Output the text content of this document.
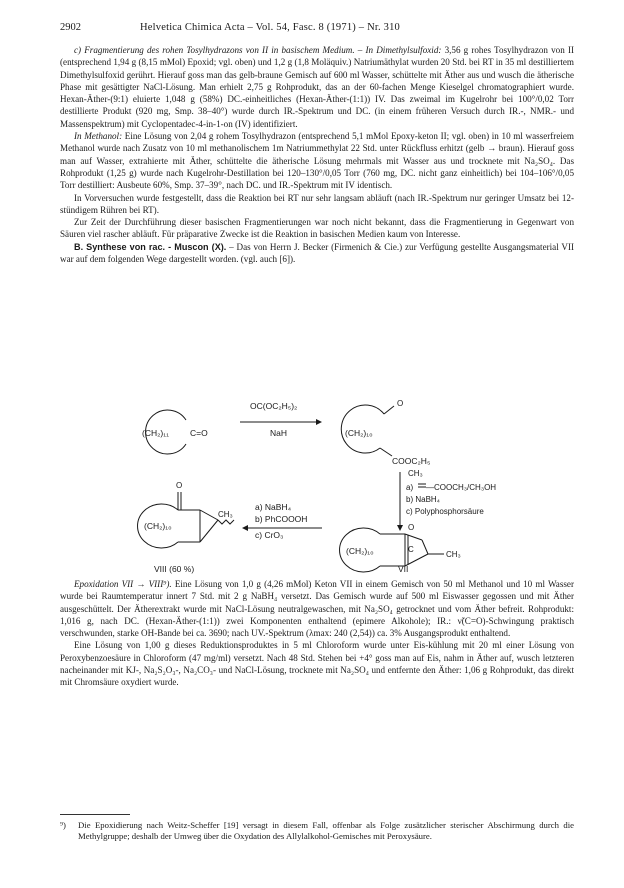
2902	Helvetica Chimica Acta – Vol. 54, Fasc. 8 (1971) – Nr. 310

c) Fragmentierung des rohen Tosylhydrazons von II in basischem Medium. – In Dimethylsulfoxid: 3,56 g rohes Tosylhydrazon von II (entsprechend 1,94 g (8,15 mMol) Epoxid; vgl. oben) und 1,2 g (1,8 Moläquiv.) Natriumäthylat wurden 20 Std. bei RT in 35 ml destilliertem Dimethylsulfoxid gerührt. Hierauf goss man das gelb-braune Gemisch auf 600 ml Wasser, schüttelte mit Äther aus und wusch die ätherische Phase mit gesättigter NaCl-Lösung. Man erhielt 2,75 g Rohprodukt, das an der 60-fachen Menge Kieselgel chromatographiert wurde. Hexan-Äther-(9:1) eluierte 1,048 g (58%) DC.-einheitliches (Hexan-Äther-(1:1)) IV. Das zweimal im Kugelrohr bei 100°/0,02 Torr destillierte Produkt (920 mg, Smp. 38–40°) wurde durch IR.-Spektrum und DC. (in einem früheren Versuch durch IR.-, NMR.- und Massenspektrum) mit Cyclopentadec-4-in-1-on (IV) identifiziert.

In Methanol: Eine Lösung von 2,04 g rohem Tosylhydrazon (entsprechend 5,1 mMol Epoxy-keton II; vgl. oben) in 10 ml wasserfreiem Methanol wurde nach Zusatz von 10 ml methanolischem 1m Natriummethylat 22 Std. unter Rückfluss erhitzt (gelb → braun). Hierauf goss man auf Wasser, extrahierte mit Äther, schüttelte die ätherische Lösung mehrmals mit Wasser aus und trocknete mit Na₂SO₄. Das Rohprodukt (1,25 g) wurde nach Kugelrohr-Destillation bei 120–130°/0,05 Torr (760 mg, DC. nicht ganz einheitlich) bei 104–106°/0,05 Torr destilliert: Ausbeute 60%, Smp. 37–39°, nach DC. und IR.-Spektrum mit IV identisch.

In Vorversuchen wurde festgestellt, dass die Reaktion bei RT nur sehr langsam abläuft (nach IR.-Spektrum nur geringer Umsatz bei 12-stündigem Rühren bei RT).

Zur Zeit der Durchführung dieser basischen Fragmentierungen war noch nicht bekannt, dass die Fragmentierung in Gegenwart von Säuren viel rascher abläuft. Für präparative Zwecke ist die Reaktion in basischen Medien kaum von Interesse.

B. Synthese von rac. - Muscon (X). – Das von Herrn J. Becker (Firmenich & Cie.) zur Verfügung gestellte Ausgangsmaterial VII war auf dem folgenden Wege dargestellt worden. (vgl. auch [6]).

(CH₂)₁₁ C=O
OC(OC₂H₅)₂
NaH
O
(CH₂)₁₀
COOC₂H₅
CH₃
a) —COOCH₃/CH₃OH
b) NaBH₄
c) Polyphosphorsäure
O
C
CH₃
(CH₂)₁₀
VII
a) NaBH₄
b) PhCOOOH
c) CrO₃
O
CH₃
(CH₂)₁₀
VIII (60 %)

Epoxidation VII → VIII⁹). Eine Lösung von 1,0 g (4,26 mMol) Keton VII in einem Gemisch von 50 ml Methanol und 10 ml Wasser wurde bei Raumtemperatur innert 7 Std. mit 2 g NaBH₄ versetzt. Das Gemisch wurde auf 500 ml Eiswasser gegossen und mit Äther ausgeschüttelt. Der Ätherextrakt wurde mit NaCl-Lösung neutralgewaschen, mit Na₂SO₄ getrocknet und vom Äther befreit. Rohprodukt: 1,016 g, nach DC. (Hexan-Äther-(1:1)) zwei Komponenten enthaltend (epimere Alkohole); IR.: ν̃(C=O)-Schwingung praktisch verschwunden, starke OH-Bande bei ca. 3690; nach UV.-Spektrum (λmax: 240 (2,54)) ca. 3% Ausgangsprodukt enthaltend.

Eine Lösung von 1,00 g dieses Reduktionsproduktes in 5 ml Chloroform wurde unter Eis-kühlung mit 20 ml einer Lösung von Peroxybenzoesäure in Chloroform (47 mg/ml) versetzt. Nach 48 Std. Stehen bei +4° goss man auf Eis, nahm in Äther auf, wusch letzteren nacheinander mit KJ-, Na₂S₂O₃-, Na₂CO₃- und NaCl-Lösung, trocknete mit Na₂SO₄ und entfernte den Äther: 1,06 g Rohprodukt, das direkt mit Chromsäure oxydiert wurde.

⁹)	Die Epoxidierung nach Weitz-Scheffer [19] versagt in diesem Fall, offenbar als Folge zusätzlicher sterischer Abschirmung durch die Methylgruppe; deshalb der Umweg über die Oxydation des Allylalkohol-Gemisches mit Peroxysäure.
